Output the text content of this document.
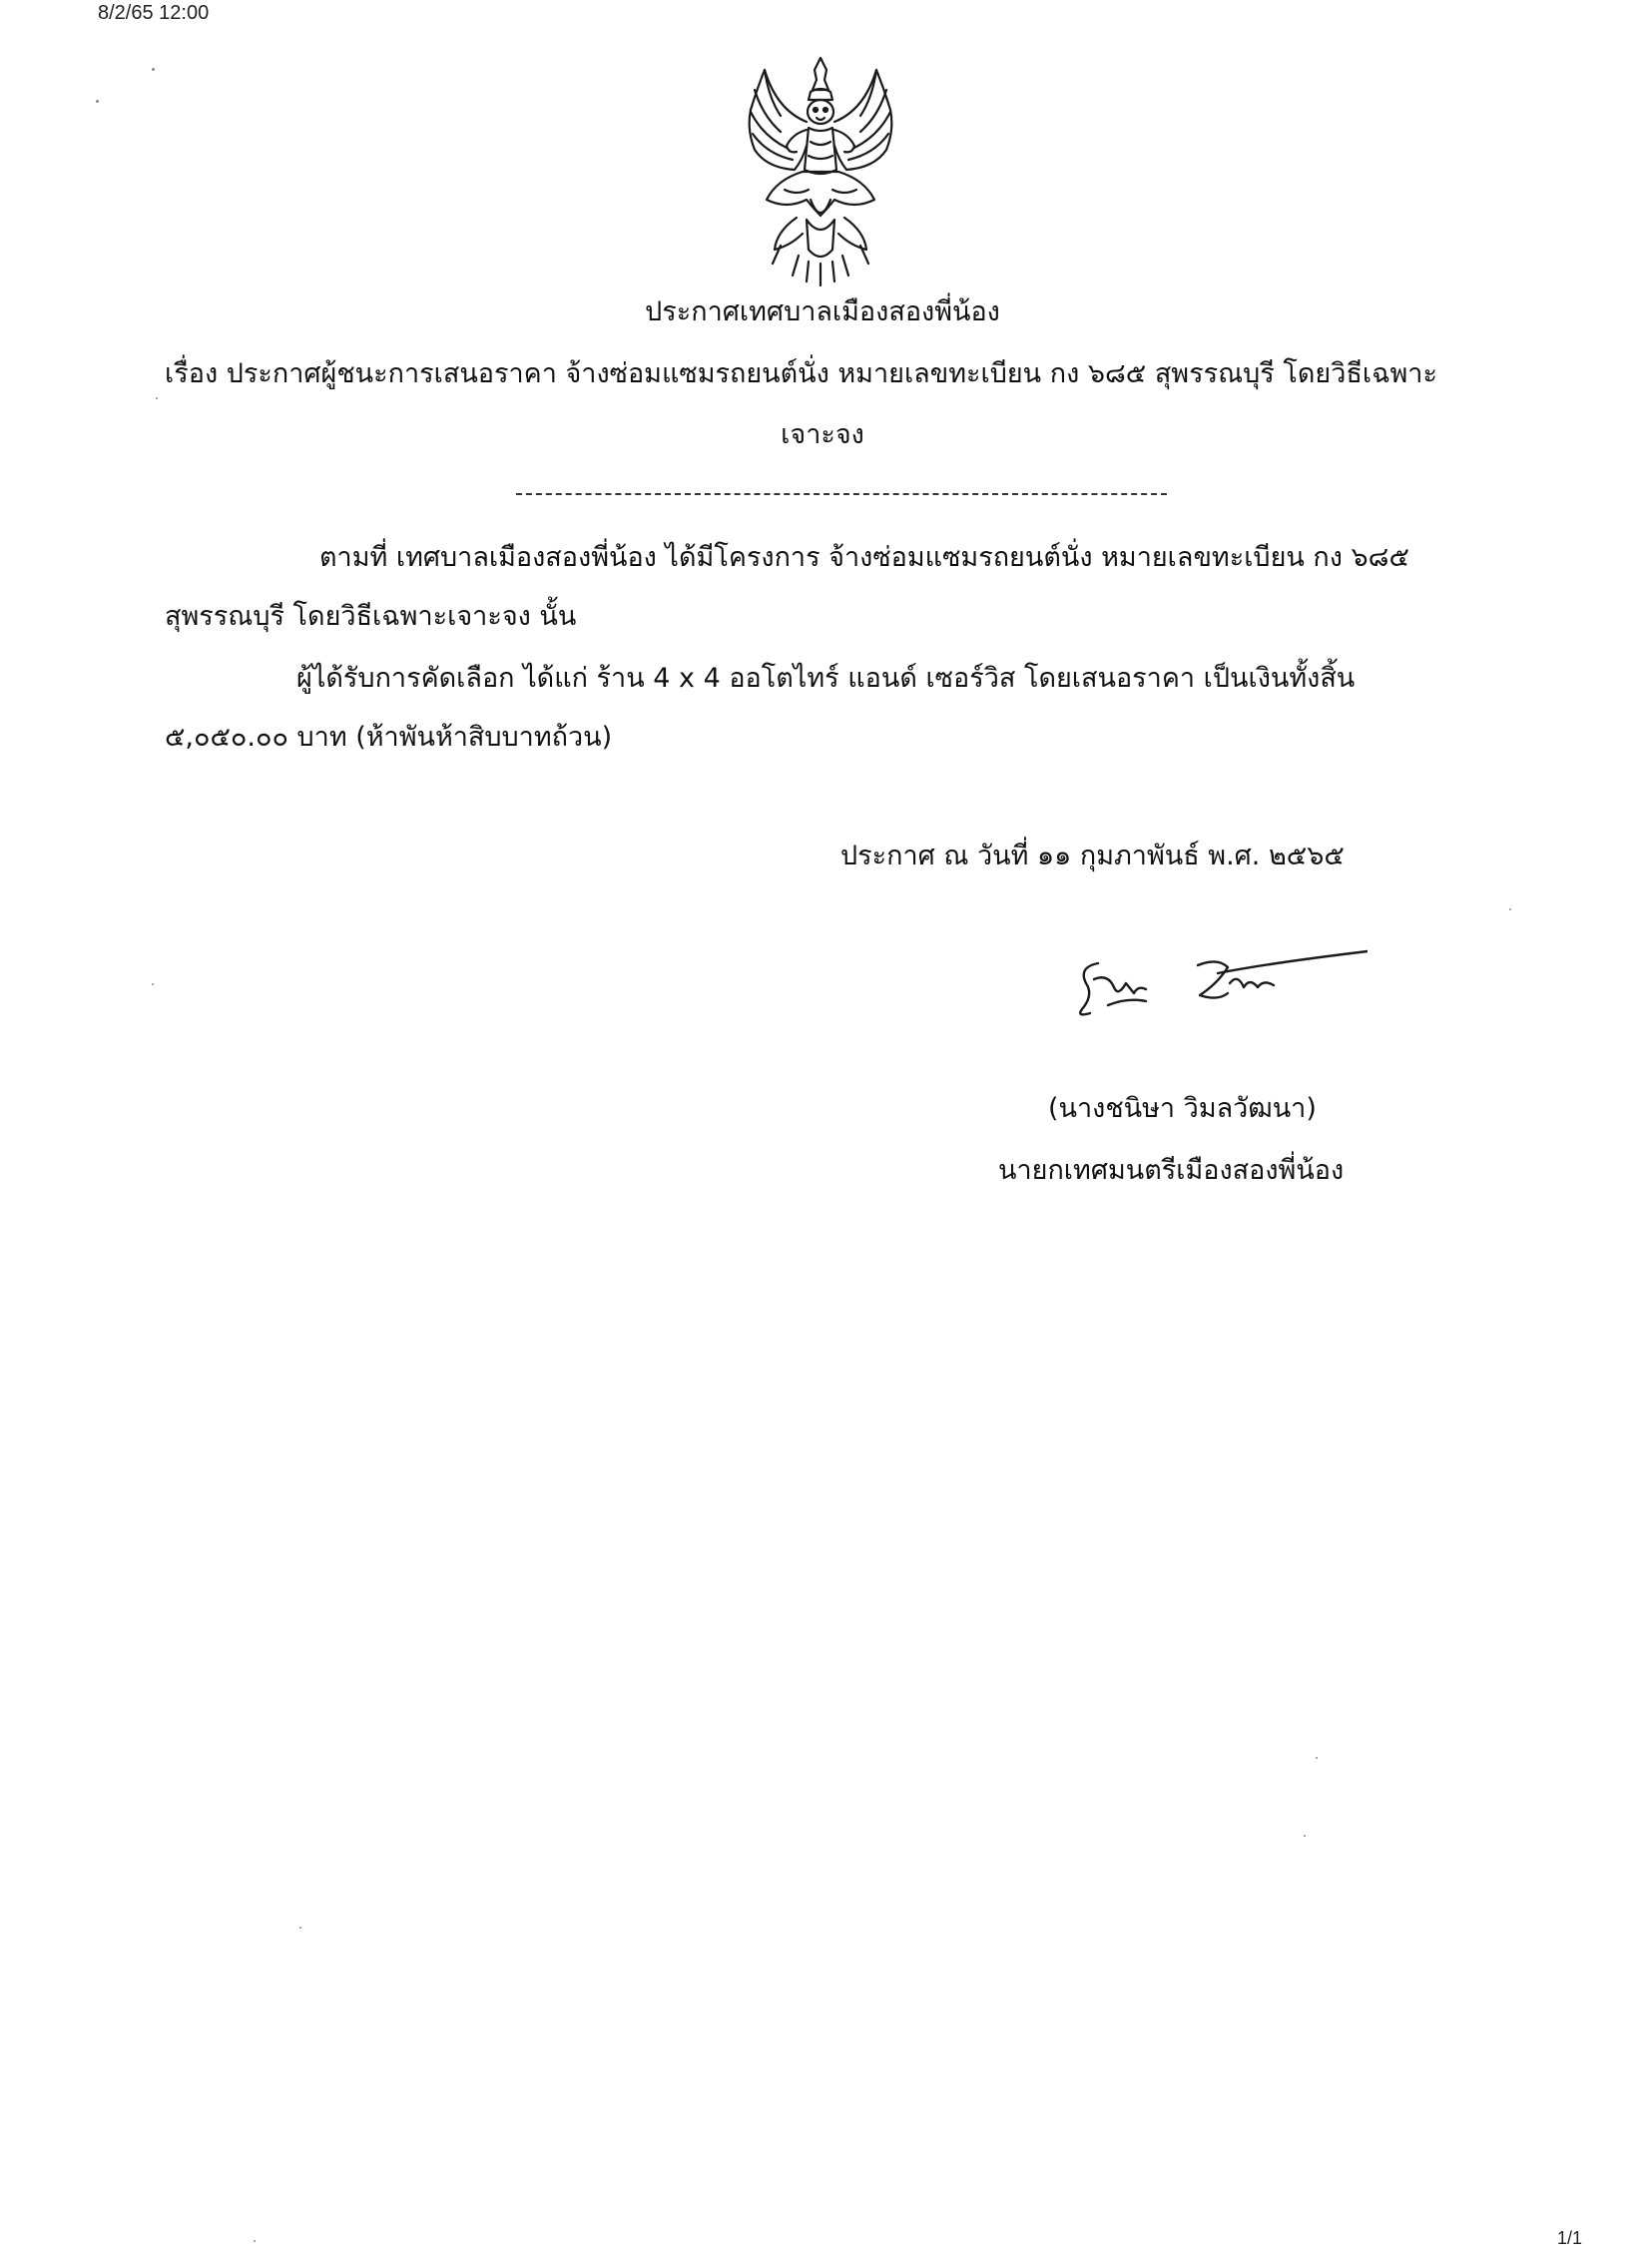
8/2/65 12:00
ประกาศเทศบาลเมืองสองพี่น้อง
เรื่อง ประกาศผู้ชนะการเสนอราคา จ้างซ่อมแซมรถยนต์นั่ง หมายเลขทะเบียน กง ๖๘๕ สุพรรณบุรี โดยวิธีเฉพาะ
เจาะจง
ตามที่ เทศบาลเมืองสองพี่น้อง ได้มีโครงการ จ้างซ่อมแซมรถยนต์นั่ง หมายเลขทะเบียน กง ๖๘๕
สุพรรณบุรี โดยวิธีเฉพาะเจาะจง นั้น
ผู้ได้รับการคัดเลือก ได้แก่ ร้าน 4 x 4 ออโตไทร์ แอนด์ เซอร์วิส โดยเสนอราคา เป็นเงินทั้งสิ้น
๕,๐๕๐.๐๐ บาท (ห้าพันห้าสิบบาทถ้วน)
ประกาศ ณ วันที่ ๑๑ กุมภาพันธ์ พ.ศ. ๒๕๖๕
(นางชนิษา วิมลวัฒนา)
นายกเทศมนตรีเมืองสองพี่น้อง
1/1
